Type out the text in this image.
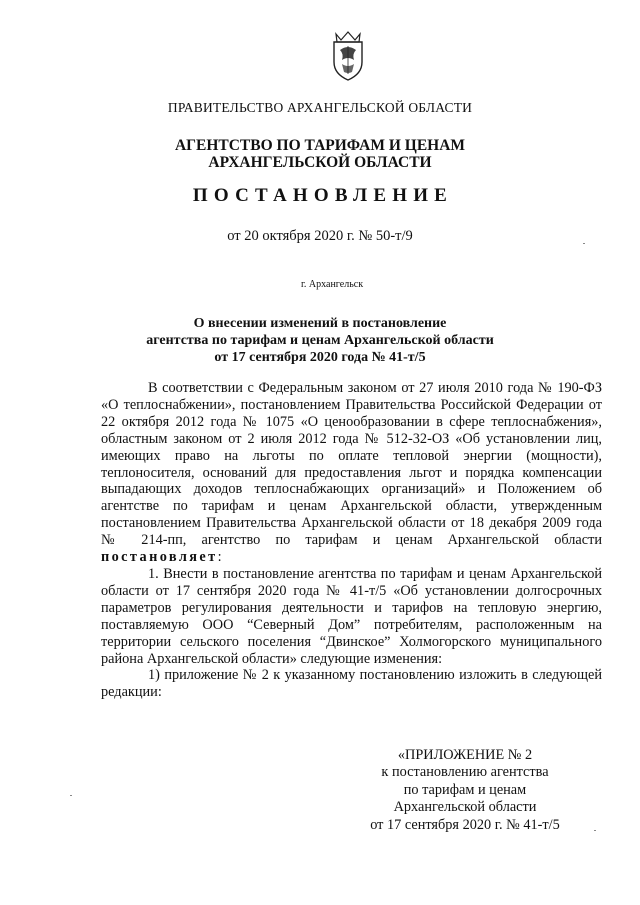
ПРАВИТЕЛЬСТВО АРХАНГЕЛЬСКОЙ ОБЛАСТИ
АГЕНТСТВО ПО ТАРИФАМ И ЦЕНАМ
АРХАНГЕЛЬСКОЙ ОБЛАСТИ
ПОСТАНОВЛЕНИЕ
от 20 октября 2020 г. № 50-т/9
г. Архангельск
О внесении изменений в постановление
агентства по тарифам и ценам Архангельской области
от 17 сентября 2020 года № 41-т/5

В соответствии с Федеральным законом от 27 июля 2010 года № 190-ФЗ «О теплоснабжении», постановлением Правительства Российской Федерации от 22 октября 2012 года № 1075 «О ценообразовании в сфере теплоснабжения», областным законом от 2 июля 2012 года № 512-32-ОЗ «Об установлении лиц, имеющих право на льготы по оплате тепловой энергии (мощности), теплоносителя, оснований для предоставления льгот и порядка компенсации выпадающих доходов теплоснабжающих организаций» и Положением об агентстве по тарифам и ценам Архангельской области, утвержденным постановлением Правительства Архангельской области от 18 декабря 2009 года № 214-пп, агентство по тарифам и ценам Архангельской области постановляет:

1. Внести в постановление агентства по тарифам и ценам Архангельской области от 17 сентября 2020 года № 41-т/5 «Об установлении долгосрочных параметров регулирования деятельности и тарифов на тепловую энергию, поставляемую ООО “Северный Дом” потребителям, расположенным на территории сельского поселения “Двинское” Холмогорского муниципального района Архангельской области» следующие изменения:

1) приложение № 2 к указанному постановлению изложить в следующей редакции:

«ПРИЛОЖЕНИЕ № 2
к постановлению агентства
по тарифам и ценам
Архангельской области
от 17 сентября 2020 г. № 41-т/5
